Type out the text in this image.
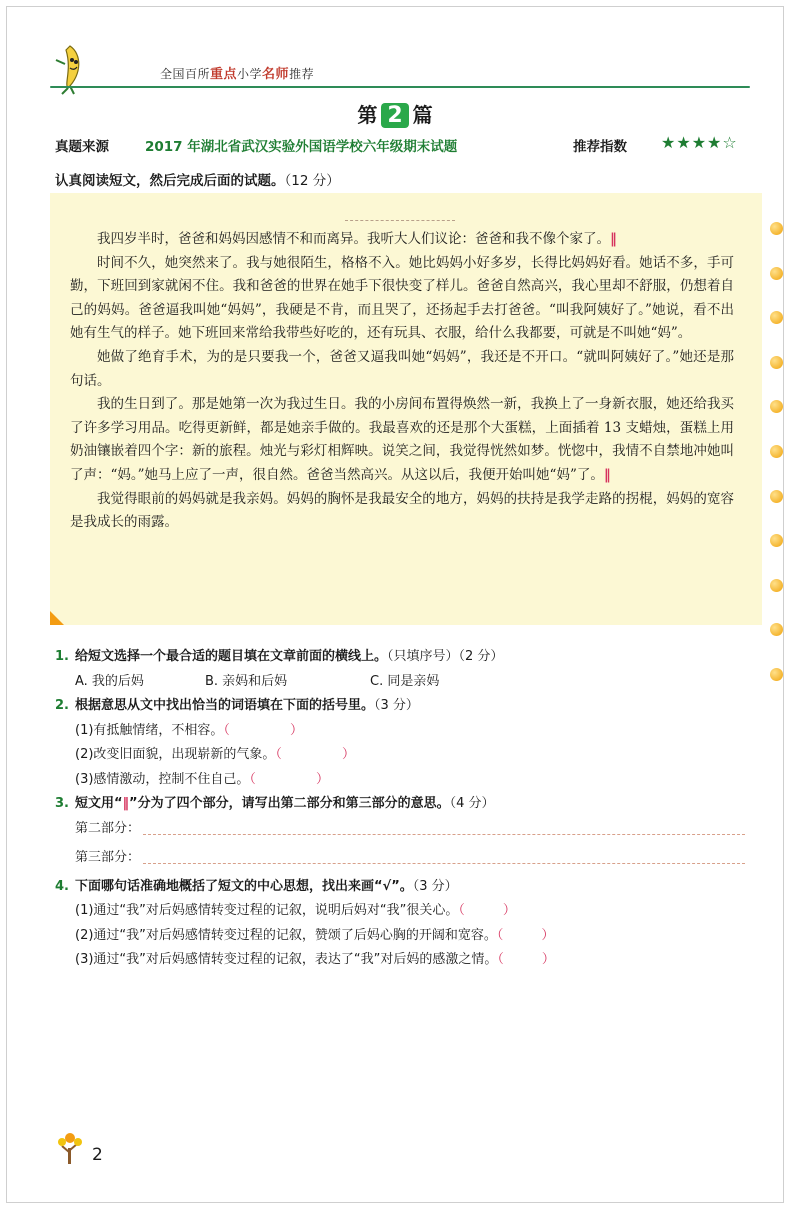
全国百所重点小学名师推荐
第 2 篇
真题来源	2017 年湖北省武汉实验外国语学校六年级期末试题	推荐指数 ★★★★☆
认真阅读短文，然后完成后面的试题。（12 分）

我四岁半时，爸爸和妈妈因感情不和而离异。我听大人们议论：爸爸和我不像个家了。‖

时间不久，她突然来了。我与她很陌生，格格不入。她比妈妈小好多岁，长得比妈妈好看。她话不多，手可勤，下班回到家就闲不住。我和爸爸的世界在她手下很快变了样儿。爸爸自然高兴，我心里却不舒服，仍想着自己的妈妈。爸爸逼我叫她“妈妈”，我硬是不肯，而且哭了，还扬起手去打爸爸。“叫我阿姨好了。”她说，看不出她有生气的样子。她下班回来常给我带些好吃的，还有玩具、衣服，给什么我都要，可就是不叫她“妈”。

她做了绝育手术，为的是只要我一个，爸爸又逼我叫她“妈妈”，我还是不开口。“就叫阿姨好了。”她还是那句话。

我的生日到了。那是她第一次为我过生日。我的小房间布置得焕然一新，我换上了一身新衣服，她还给我买了许多学习用品。吃得更新鲜，都是她亲手做的。我最喜欢的还是那个大蛋糕，上面插着 13 支蜡烛，蛋糕上用奶油镶嵌着四个字：新的旅程。烛光与彩灯相辉映。说笑之间，我觉得恍然如梦。恍惚中，我情不自禁地冲她叫了声：“妈。”她马上应了一声，很自然。爸爸当然高兴。从这以后，我便开始叫她“妈”了。‖

我觉得眼前的妈妈就是我亲妈。妈妈的胸怀是我最安全的地方，妈妈的扶持是我学走路的拐棍，妈妈的宽容是我成长的雨露。

1. 给短文选择一个最合适的题目填在文章前面的横线上。（只填序号）（2 分）
A. 我的后妈	B. 亲妈和后妈	C. 同是亲妈
2. 根据意思从文中找出恰当的词语填在下面的括号里。（3 分）
(1)有抵触情绪，不相容。（	）
(2)改变旧面貌，出现崭新的气象。（	）
(3)感情激动，控制不住自己。（	）
3. 短文用“‖”分为了四个部分，请写出第二部分和第三部分的意思。（4 分）
第二部分：
第三部分：
4. 下面哪句话准确地概括了短文的中心思想，找出来画“√”。（3 分）
(1)通过“我”对后妈感情转变过程的记叙，说明后妈对“我”很关心。（	）
(2)通过“我”对后妈感情转变过程的记叙，赞颂了后妈心胸的开阔和宽容。（	）
(3)通过“我”对后妈感情转变过程的记叙，表达了“我”对后妈的感激之情。（	）
2
